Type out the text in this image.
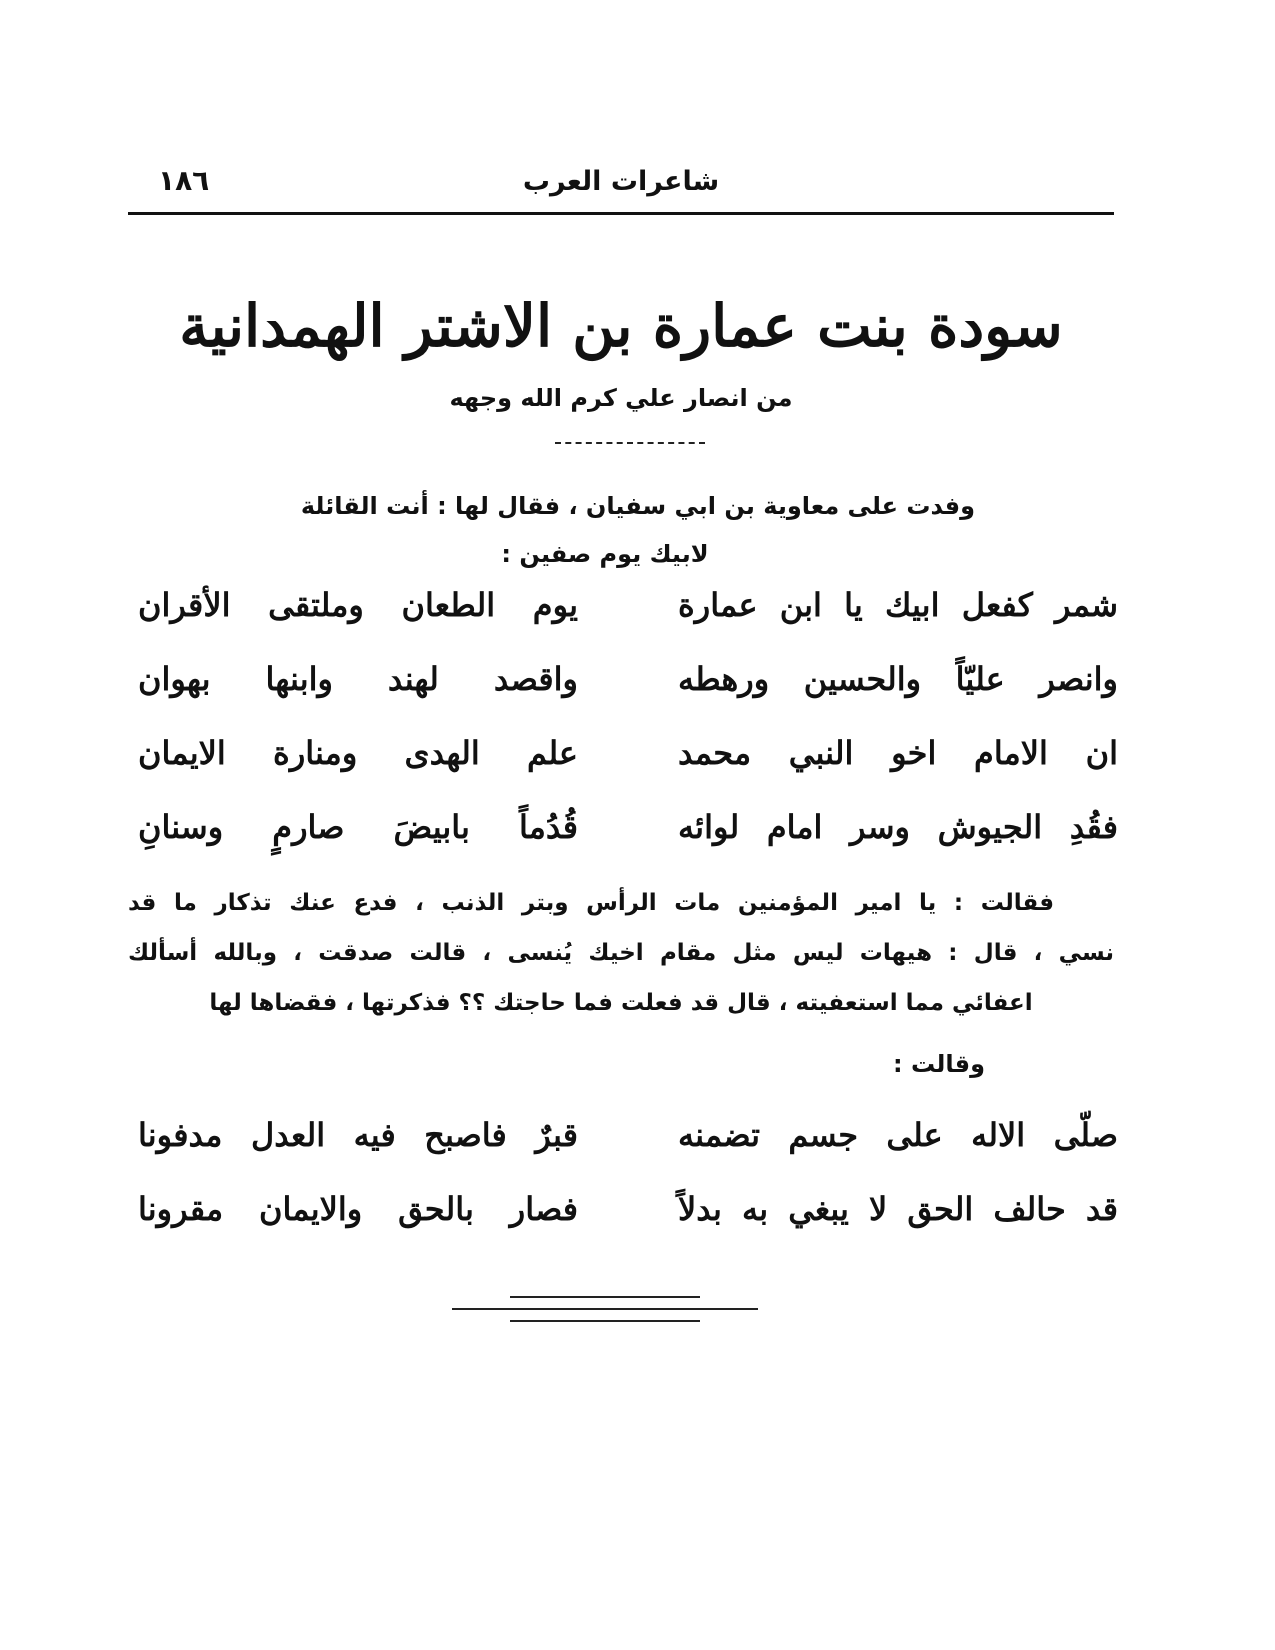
شاعرات العرب
١٨٦
سودة بنت عمارة بن الاشتر الهمدانية
من انصار علي كرم الله وجهه
وفدت على معاوية بن ابي سفيان ، فقال لها : أنت القائلة
لابيك يوم صفين :
شمر كفعل ابيك يا ابن عمارة
يوم الطعان وملتقى الأقران
وانصر عليّاً والحسين ورهطه
واقصد لهند وابنها بهوان
ان الامام اخو النبي محمد
علم الهدى ومنارة الايمان
فقُدِ الجيوش وسر امام لوائه
قُدُماً بابيضَ صارمٍ وسنانِ

فقالت : يا امير المؤمنين مات الرأس وبتر الذنب ، فدع عنك تذكار ما قد

نسي ، قال : هيهات ليس مثل مقام اخيك يُنسى ، قالت صدقت ، وبالله أسألك

اعفائي مما استعفيته ، قال قد فعلت فما حاجتك ؟؟ فذكرتها ، فقضاها لها

وقالت :
صلّى الاله على جسم تضمنه
قبرٌ فاصبح فيه العدل مدفونا
قد حالف الحق لا يبغي به بدلاً
فصار بالحق والايمان مقرونا
